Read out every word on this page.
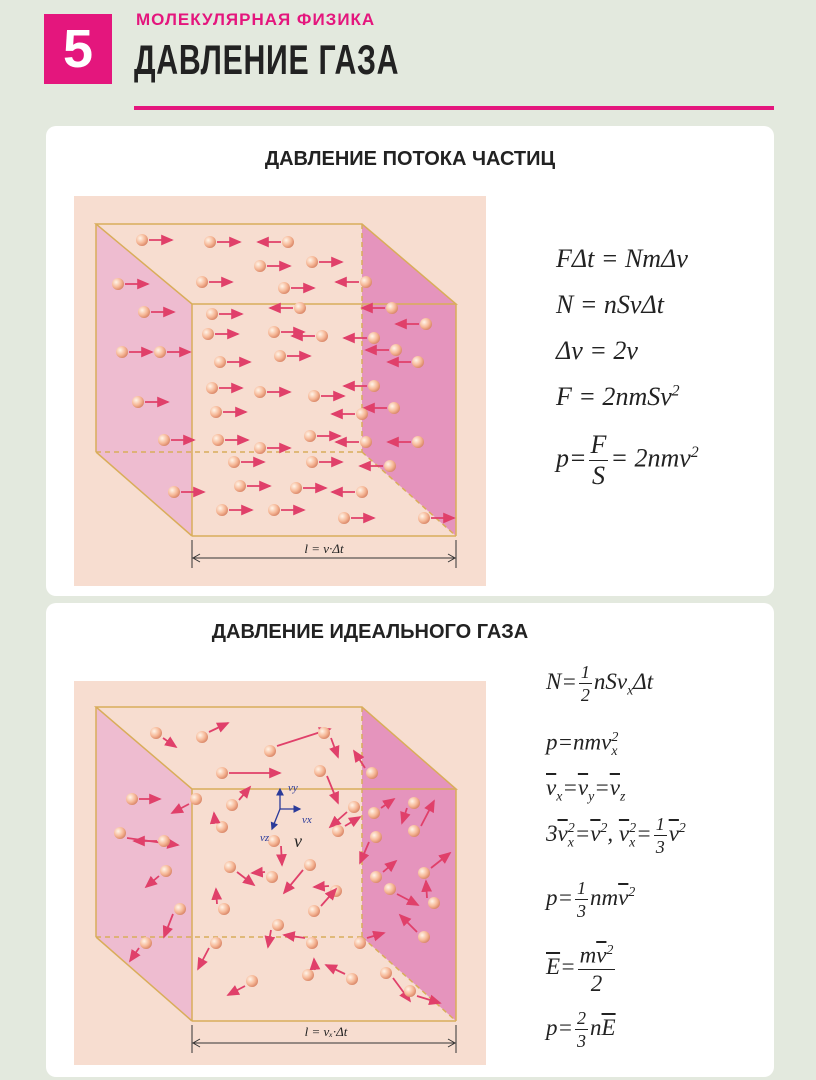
5	МОЛЕКУЛЯРНАЯ ФИЗИКА
ДАВЛЕНИЕ ГАЗА
ДАВЛЕНИЕ ПОТОКА ЧАСТИЦ
l = v·Δt
FΔt = NmΔv
N = nSvΔt
Δv = 2v
F = 2nmSv$^2$
$p= \frac{F}{S} = 2nmv^2$
ДАВЛЕНИЕ ИДЕАЛЬНОГО ГАЗА
vy
vx
vz v
l = vₓ·Δt
$N= \frac{1}{2} nSv_x\Delta t$
p=nmv$_x^2$
$\overline{v}_x=\overline{v}_y=\overline{v}_z$
$3\overline{v}_x^2=\overline{v}^2$, $\overline{v}_x^2= \frac{1}{3} \overline{v}^2$
$p= \frac{1}{3} nm\overline{v}^2$
$\overline{E}= \frac{m\overline{v}^2}{2}$
$p= \frac{2}{3} n\overline{E}$
